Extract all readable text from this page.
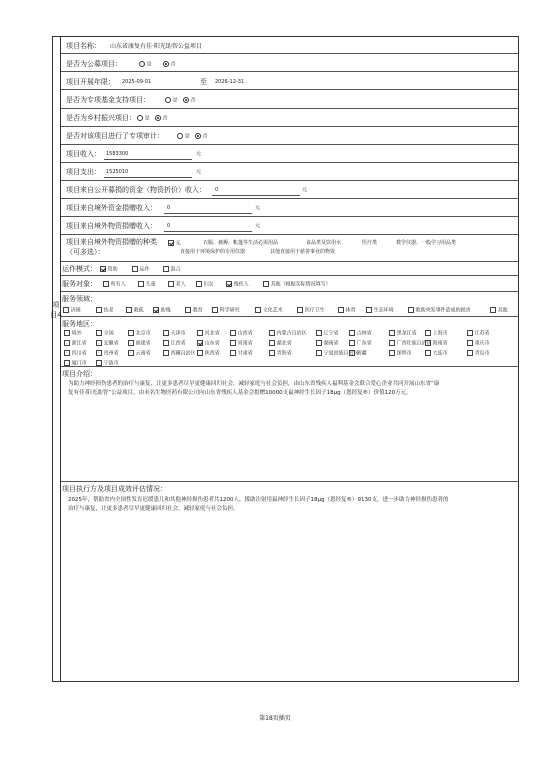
项目4
项目名称： 山东省康复有佳·阳光助智公益项目
是否为公募项目：	是	否
项目开展年限： 2025-09-01	至 2026-12-31
是否为专项基金支持项目：	是	否
是否为乡村振兴项目：	是	否
是否对该项目进行了专项审计：	是	否
项目收入： 1583300	元
项目支出： 1525010	元
项目来自公开募捐的资金（物资折价）收入： 0	元
项目来自境外资金捐赠收入： 0	元
项目来自境外物资捐赠收入： 0	元
项目来自境外物资捐赠的种类
（可多选）：
无	衣服、被褥、帐篷等生活必需用品	食品类及饮用水	医疗类	教学仪器、一般学习用品类
直接用于环境保护的专用仪器	其他直接用于慈善事业的物资
运作模式：	资助	运作	混合
服务对象：	所有人	儿童	老人	妇女	残疾人	其他（根据实际情况填写）
服务领域：
济困	扶老	救孤	助残	教育	科学研究	文化艺术	医疗卫生	体育	生态环境	救助突发事件造成的损害	其他
服务地区：
境外	全国	北京市	天津市	河北省	山西省	内蒙古自治区	辽宁省	吉林省	黑龙江省	上海市	江苏省
浙江省	安徽省	福建省	江西省	山东省	河南省	湖北省	湖南省	广东省	广西壮族自治区 海南省	重庆市
四川省	贵州省	云南省	西藏自治区	陕西省	甘肃省	青海省	宁夏回族自治区
新疆	深圳市	大连市	青岛市
厦门市	宁波市
项目介绍：
为助力神经损伤患者的治疗与康复，让更多患者尽早更健康回归社会，减轻家庭与社会负担，由山东省残疾人福利基金会联合爱心企业共同开展山东省“康
复有佳·阳光助智”公益项目，由未名生物医药有限公司向山东省残疾人基金会捐赠10000支鼠神经生长因子18μg（恩经复®）价值120万元。
项目执行方及项目成效评估情况：
2025年，帮助省内全国性发育迟缓患儿和其他神经损伤患者共1200人，援助注射用鼠神经生长因子18μg（恩经复®）9130支，进一步助力神经损伤患者的
治疗与康复，让更多患者尽早更健康回归社会，减轻家庭与社会负担。
第18页插页
